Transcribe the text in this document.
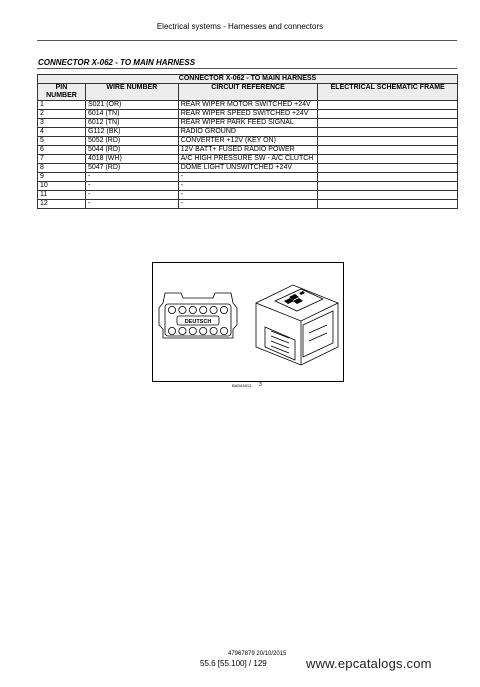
Electrical systems - Harnesses and connectors
CONNECTOR X-062 - TO MAIN HARNESS
CONNECTOR X-062 - TO MAIN HARNESS			
PIN NUMBER	WIRE NUMBER	CIRCUIT REFERENCE	ELECTRICAL SCHEMATIC FRAME
1	S021 (OR)	REAR WIPER MOTOR SWITCHED +24V	
2	6014 (TN)	REAR WIPER SPEED SWITCHED +24V	
3	6012 (TN)	REAR WIPER PARK FEED SIGNAL	
4	G112 (BK)	RADIO GROUND	
5	5052 (RD)	CONVERTER +12V (KEY ON)	
6	5044 (RD)	12V BATT+ FUSED RADIO POWER	
7	4018 (WH)	A/C HIGH PRESSURE SW - A/C CLUTCH	
8	5047 (RD)	DOME LIGHT UNSWITCHED +24V	
9	-	-	
10	-	-	
11	-	-	
12	-	-	
DEUTSCH
BAD61813 3
47967879 20/10/2015
55.6 [55.100] / 129	www.epcatalogs.com
